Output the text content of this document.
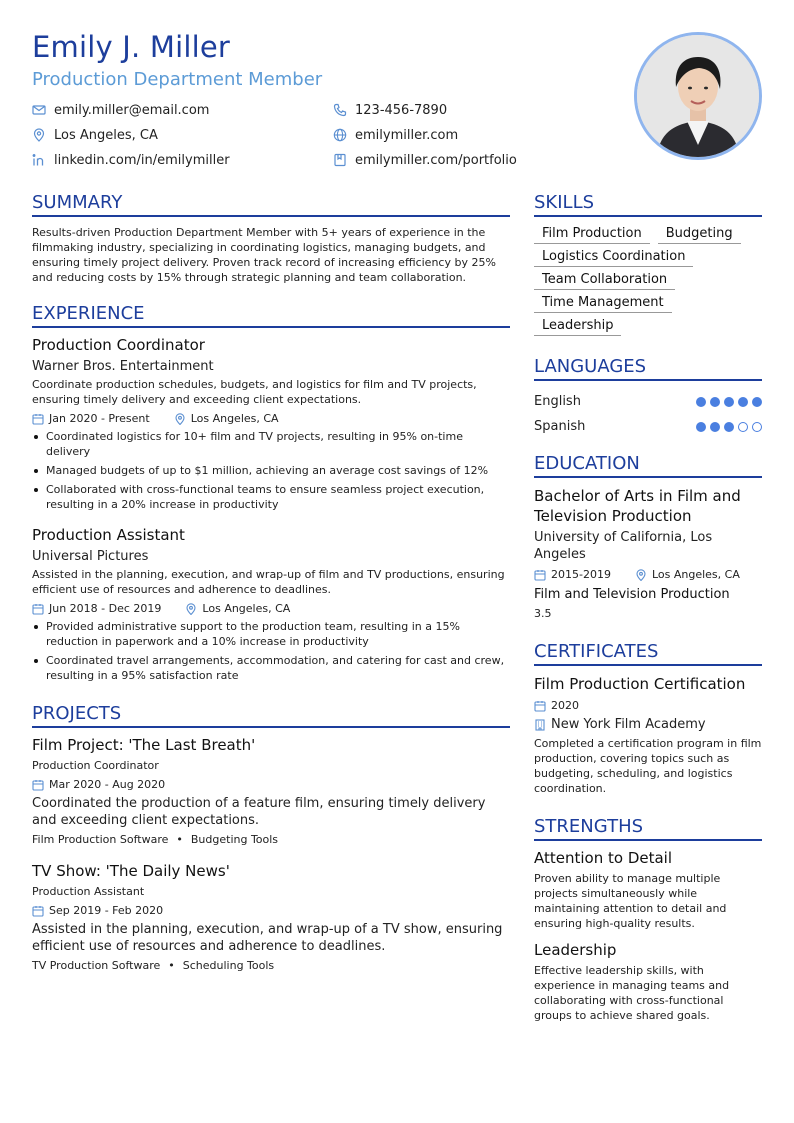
Emily J. Miller
Production Department Member
emily.miller@email.com	123-456-7890
Los Angeles, CA	emilymiller.com
linkedin.com/in/emilymiller	emilymiller.com/portfolio
SUMMARY
Results-driven Production Department Member with 5+ years of experience in the filmmaking industry, specializing in coordinating logistics, managing budgets, and ensuring timely project delivery. Proven track record of increasing efficiency by 25% and reducing costs by 15% through strategic planning and team collaboration.
EXPERIENCE
Production Coordinator
Warner Bros. Entertainment
Coordinate production schedules, budgets, and logistics for film and TV projects, ensuring timely delivery and exceeding client expectations.
Jan 2020 - Present	Los Angeles, CA
Coordinated logistics for 10+ film and TV projects, resulting in 95% on-time delivery
Managed budgets of up to $1 million, achieving an average cost savings of 12%
Collaborated with cross-functional teams to ensure seamless project execution, resulting in a 20% increase in productivity
Production Assistant
Universal Pictures
Assisted in the planning, execution, and wrap-up of film and TV productions, ensuring efficient use of resources and adherence to deadlines.
Jun 2018 - Dec 2019	Los Angeles, CA
Provided administrative support to the production team, resulting in a 15% reduction in paperwork and a 10% increase in productivity
Coordinated travel arrangements, accommodation, and catering for cast and crew, resulting in a 95% satisfaction rate
PROJECTS
Film Project: 'The Last Breath'
Production Coordinator
Mar 2020 - Aug 2020
Coordinated the production of a feature film, ensuring timely delivery and exceeding client expectations.
Film Production Software • Budgeting Tools
TV Show: 'The Daily News'
Production Assistant
Sep 2019 - Feb 2020
Assisted in the planning, execution, and wrap-up of a TV show, ensuring efficient use of resources and adherence to deadlines.
TV Production Software • Scheduling Tools
SKILLS
Film Production	Budgeting
Logistics Coordination
Team Collaboration
Time Management
Leadership
LANGUAGES
English
Spanish
EDUCATION
Bachelor of Arts in Film and Television Production
University of California, Los Angeles
2015-2019	Los Angeles, CA
Film and Television Production
3.5
CERTIFICATES
Film Production Certification
2020
New York Film Academy
Completed a certification program in film production, covering topics such as budgeting, scheduling, and logistics coordination.
STRENGTHS
Attention to Detail
Proven ability to manage multiple projects simultaneously while maintaining attention to detail and ensuring high-quality results.
Leadership
Effective leadership skills, with experience in managing teams and collaborating with cross-functional groups to achieve shared goals.
